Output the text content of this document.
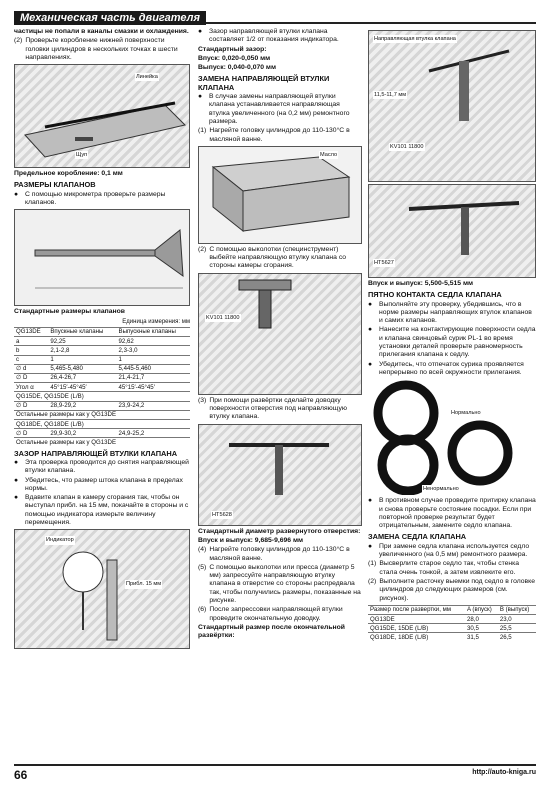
Механическая часть двигателя
частицы не попали в каналы смазки и охлаждения.
(2) Проверьте коробление нижней поверхности головки цилиндров в нескольких точках в шести направлениях.
Линейка
Щуп
Предельное коробление: 0,1 мм
РАЗМЕРЫ КЛАПАНОВ
●	С помощью микрометра проверьте размеры клапанов.
Стандартные размеры клапанов
Единица измерения: мм
QG13DE	Впускные клапаны	Выпускные клапаны
a	92,25	92,62
b	2,1-2,8	2,3-3,0
c	1	1
∅ d	5,465-5,480	5,445-5,460
∅ D	26,4-26,7	21,4-21,7
Угол α	45°15′-45°45′	45°15′-45°45′
QG15DE, QG15DE (L/B)		
∅ D	28,9-29,2	23,9-24,2
Остальные размеры как у QG13DE		
QG18DE, QG18DE (L/B)		
∅ D	29,9-30,2	24,9-25,2
Остальные размеры как у QG13DE		
ЗАЗОР НАПРАВЛЯЮЩЕЙ ВТУЛКИ КЛАПАНА
●	Эта проверка проводится до снятия направляющей втулки клапана.
●	Убедитесь, что размер штока клапана в пределах нормы.
●	Вдавите клапан в камеру сгорания так, чтобы он выступал прибл. на 15 мм, покачайте в стороны и с помощью индикатора измерьте величину перемещения.
Индикатор
Прибл. 15 мм
●	Зазор направляющей втулки клапана составляет 1/2 от показания индикатора.
Стандартный зазор:
Впуск: 0,020-0,050 мм
Выпуск: 0,040-0,070 мм
ЗАМЕНА НАПРАВЛЯЮЩЕЙ ВТУЛКИ КЛАПАНА
●	В случае замены направляющей втулки клапана устанавливается направляющая втулка увеличенного (на 0,2 мм) ремонтного размера.
(1) Нагрейте головку цилиндров до 110-130°С в масляной ванне.
Масло
(2) С помощью выколотки (специнструмент) выбейте направляющую втулку клапана со стороны камеры сгорания.
KV101 11800
(3) При помощи развёртки сделайте доводку поверхности отверстия под направляющую втулку клапана.
HT5628
Стандартный диаметр развернутого отверстия:
Впуск и выпуск: 9,685-9,696 мм
(4) Нагрейте головку цилиндров до 110-130°С в масляной ванне.
(5) С помощью выколотки или пресса (диаметр 5 мм) запрессуйте направляющую втулку клапана в отверстие со стороны распредвала так, чтобы получились размеры, показанные на рисунке.
(6) После запрессовки направляющей втулки проведите окончательную доводку.
Стандартный размер после окончательной развёртки:
Направляющая втулка клапана
KV101 11800
11,5-11,7 мм
HT5627
Впуск и выпуск: 5,500-5,515 мм
ПЯТНО КОНТАКТА СЕДЛА КЛАПАНА
●	Выполняйте эту проверку, убедившись, что в норме размеры направляющих втулок клапанов и самих клапанов.
●	Нанесите на контактирующие поверхности седла и клапана свинцовый сурик PL-1 во время установки деталей проверьте равномерность прилегания клапана к седлу.
●	Убедитесь, что отпечаток сурика проявляется непрерывно по всей окружности прилегания.
Нормально
Ненормально
●	В противном случае проведите притирку клапана и снова проверьте состояние посадки. Если при повторной проверке результат будет отрицательным, замените седло клапана.
ЗАМЕНА СЕДЛА КЛАПАНА
●	При замене седла клапана используется седло увеличенного (на 0,5 мм) ремонтного размера.
(1) Высверлите старое седло так, чтобы стенка стала очень тонкой, а затем извлеките его.
(2) Выполните расточку выемки под седло в головке цилиндров до следующих размеров (см. рисунок).
Размер после развертки, мм	A (впуск)	B (выпуск)
QG13DE	28,0	23,0
QG15DE, 15DE (L/B)	30,5	25,5
QG18DE, 18DE (L/B)	31,5	26,5
66	http://auto-kniga.ru
